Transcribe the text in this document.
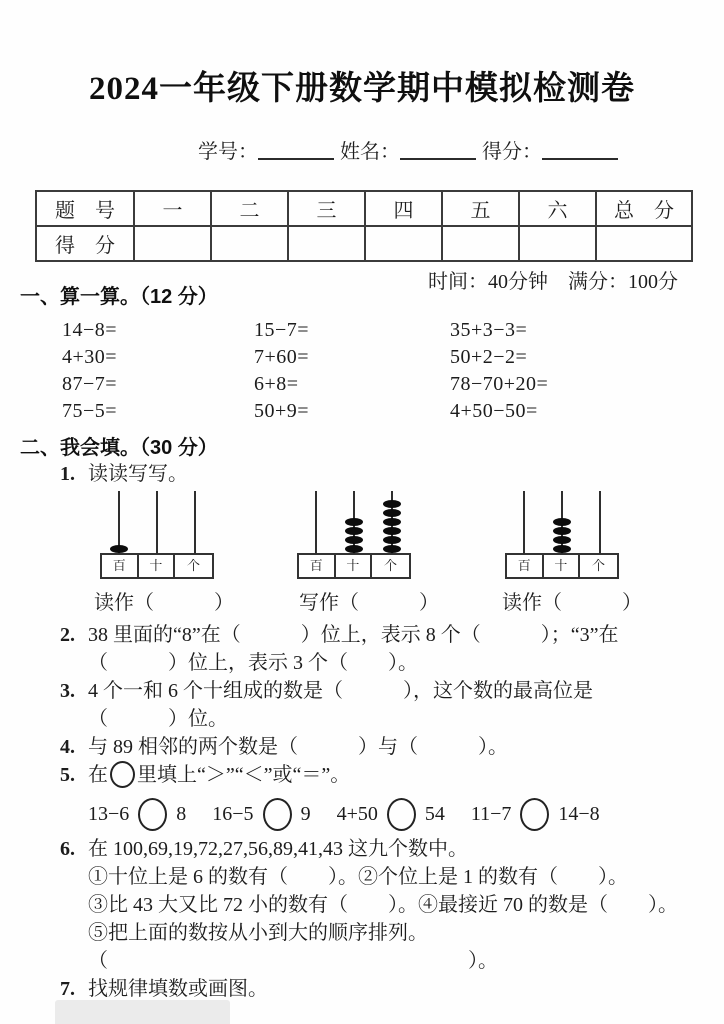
2024一年级下册数学期中模拟检测卷
学号：	姓名：	得分：
题　号	一	二	三	四	五	六	总　分
得　分							
时间：40分钟　满分：100分
一、算一算。（12 分）
14−8=	15−7=	35+3−3=
4+30=	7+60=	50+2−2=
87−7=	6+8=	78−70+20=
75−5=	50+9=	4+50−50=
二、我会填。（30 分）
1. 读读写写。
百	十	个	百	十	个	百	十	个
读作（　　　）	写作（　　　）	读作（　　　）
2. 38 里面的“8”在（　　　）位上，表示 8 个（　　　）；“3”在
（　　　）位上，表示 3 个（　　）。
3. 4 个一和 6 个十组成的数是（　　　），这个数的最高位是
（　　　）位。
4. 与 89 相邻的两个数是（　　　）与（　　　）。
5. 在 里填上“＞”“＜”或“＝”。
13−6 8 16−5 9 4+50 54 11−7 14−8
6. 在 100,69,19,72,27,56,89,41,43 这九个数中。
①十位上是 6 的数有（　　）。②个位上是 1 的数有（　　）。
③比 43 大又比 72 小的数有（　　）。④最接近 70 的数是（　　）。
⑤把上面的数按从小到大的顺序排列。
（　　　　　　　　　　　　　　　　　　）。
7. 找规律填数或画图。
